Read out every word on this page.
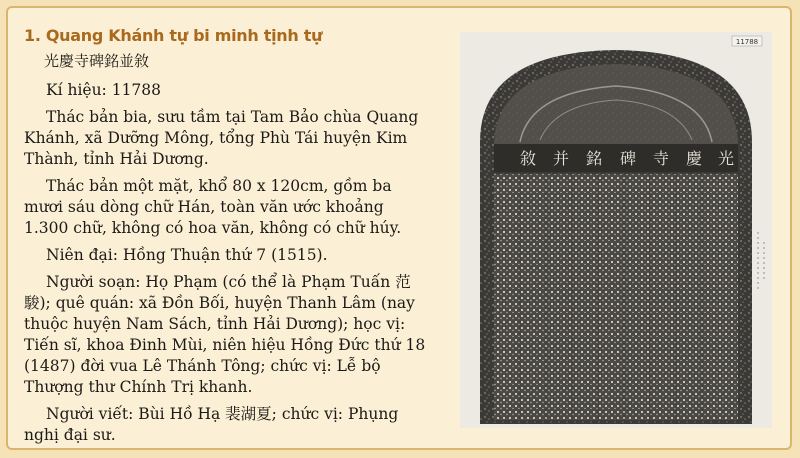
1. Quang Khánh tự bi minh tịnh tự
光慶寺碑銘並敘

Kí hiệu: 11788

Thác bản bia, sưu tầm tại Tam Bảo chùa Quang Khánh, xã Dưỡng Mông, tổng Phù Tái huyện Kim Thành, tỉnh Hải Dương.

Thác bản một mặt, khổ 80 x 120cm, gồm ba mươi sáu dòng chữ Hán, toàn văn ước khoảng 1.300 chữ, không có hoa văn, không có chữ húy.

Niên đại: Hồng Thuận thứ 7 (1515).

Người soạn: Họ Phạm (có thể là Phạm Tuấn 范駿); quê quán: xã Đồn Bối, huyện Thanh Lâm (nay thuộc huyện Nam Sách, tỉnh Hải Dương); học vị: Tiến sĩ, khoa Đinh Mùi, niên hiệu Hồng Đức thứ 18 (1487) đời vua Lê Thánh Tông; chức vị: Lễ bộ Thượng thư Chính Trị khanh.

Người viết: Bùi Hồ Hạ 裴湖夏; chức vị: Phụng nghị đại sư.

11788
光
慶
寺
碑
銘
并
敘
